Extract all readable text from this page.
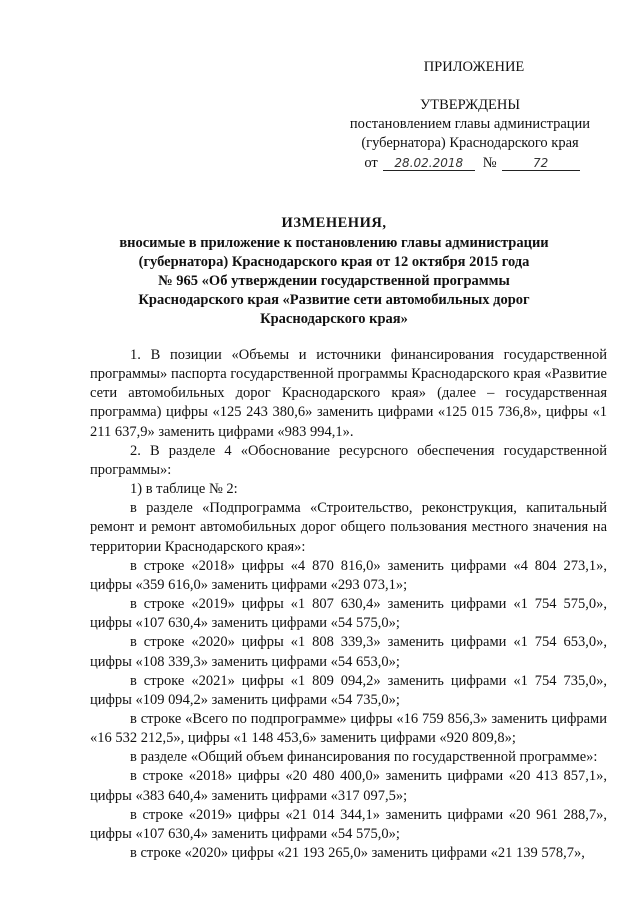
ПРИЛОЖЕНИЕ
УТВЕРЖДЕНЫ
постановлением главы администрации
(губернатора) Краснодарского края
от	28.02.2018	№	72
ИЗМЕНЕНИЯ,
вносимые в приложение к постановлению главы администрации
(губернатора) Краснодарского края от 12 октября 2015 года
№ 965 «Об утверждении государственной программы
Краснодарского края «Развитие сети автомобильных дорог
Краснодарского края»

1. В позиции «Объемы и источники финансирования государственной программы» паспорта государственной программы Краснодарского края «Развитие сети автомобильных дорог Краснодарского края» (далее – государственная программа) цифры «125 243 380,6» заменить цифрами «125 015 736,8», цифры «1 211 637,9» заменить цифрами «983 994,1».

2. В разделе 4 «Обоснование ресурсного обеспечения государственной программы»:

1) в таблице № 2:

в разделе «Подпрограмма «Строительство, реконструкция, капитальный ремонт и ремонт автомобильных дорог общего пользования местного значения на территории Краснодарского края»:

в строке «2018» цифры «4 870 816,0» заменить цифрами «4 804 273,1», цифры «359 616,0» заменить цифрами «293 073,1»;

в строке «2019» цифры «1 807 630,4» заменить цифрами «1 754 575,0», цифры «107 630,4» заменить цифрами «54 575,0»;

в строке «2020» цифры «1 808 339,3» заменить цифрами «1 754 653,0», цифры «108 339,3» заменить цифрами «54 653,0»;

в строке «2021» цифры «1 809 094,2» заменить цифрами «1 754 735,0», цифры «109 094,2» заменить цифрами «54 735,0»;

в строке «Всего по подпрограмме» цифры «16 759 856,3» заменить цифрами «16 532 212,5», цифры «1 148 453,6» заменить цифрами «920 809,8»;

в разделе «Общий объем финансирования по государственной программе»:

в строке «2018» цифры «20 480 400,0» заменить цифрами «20 413 857,1», цифры «383 640,4» заменить цифрами «317 097,5»;

в строке «2019» цифры «21 014 344,1» заменить цифрами «20 961 288,7», цифры «107 630,4» заменить цифрами «54 575,0»;

в строке «2020» цифры «21 193 265,0» заменить цифрами «21 139 578,7»,
